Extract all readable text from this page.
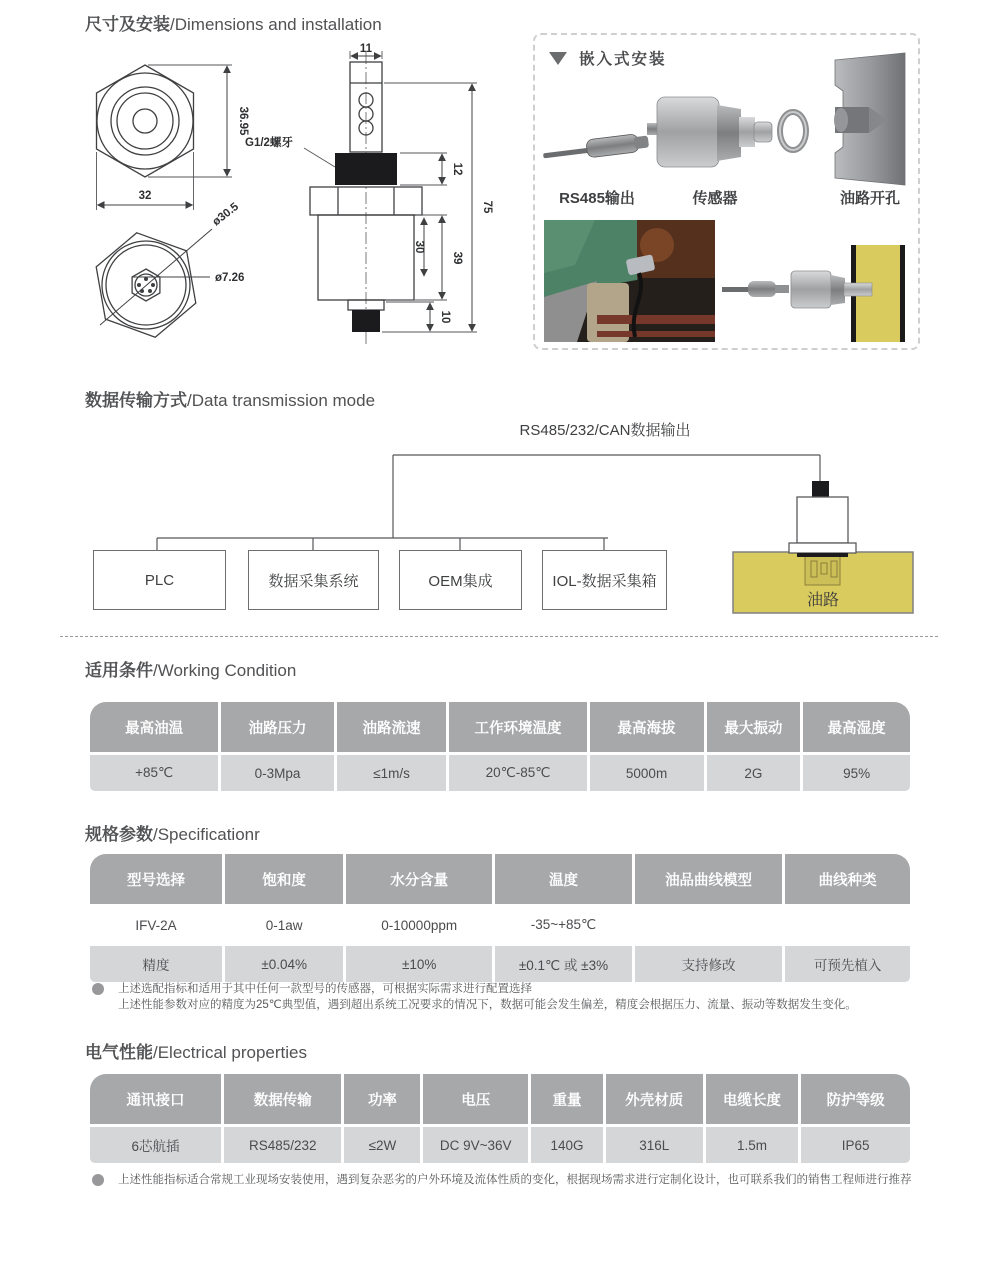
尺寸及安装/Dimensions and installation
36.95
32
ø30.5
ø7.26
11
G1/2螺牙
12
39
30
10
75
嵌入式安装
RS485输出	传感器	油路开孔
数据传输方式/Data transmission mode
RS485/232/CAN数据输出
油路
PLC	数据采集系统	OEM集成	IOL-数据采集箱
适用条件/Working Condition
最高油温	油路压力	油路流速	工作环境温度	最高海拔	最大振动	最高湿度
+85℃	0-3Mpa	≤1m/s	20℃-85℃	5000m	2G	95%
规格参数/Specificationr
型号选择	饱和度	水分含量	温度	油品曲线模型	曲线种类
IFV-2A	0-1aw	0-10000ppm	-35~+85℃
精度	±0.04%	±10%	±0.1℃ 或 ±3%	支持修改	可预先植入
上述选配指标和适用于其中任何一款型号的传感器，可根据实际需求进行配置选择
上述性能参数对应的精度为25℃典型值，遇到超出系统工况要求的情况下，数据可能会发生偏差，精度会根据压力、流量、振动等数据发生变化。
电气性能/Electrical properties
通讯接口	数据传输	功率	电压	重量	外壳材质	电缆长度	防护等级
6芯航插	RS485/232	≤2W	DC 9V~36V	140G	316L	1.5m	IP65
上述性能指标适合常规工业现场安装使用，遇到复杂恶劣的户外环境及流体性质的变化，根据现场需求进行定制化设计，也可联系我们的销售工程师进行推荐
